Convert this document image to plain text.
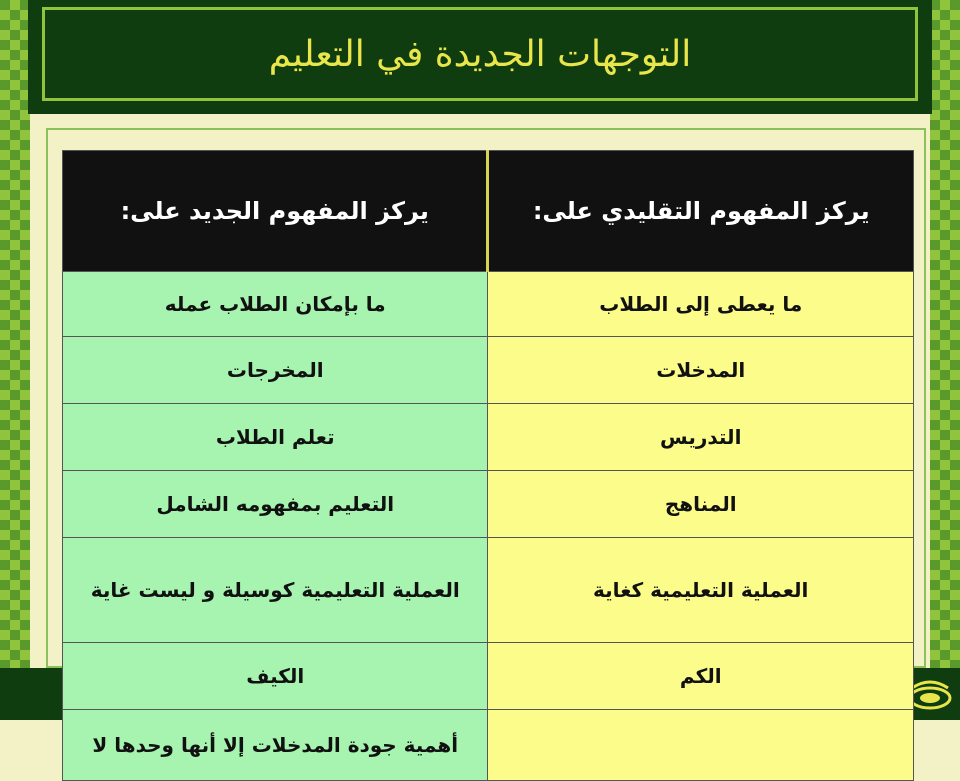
التوجهات الجديدة في التعليم
يركز المفهوم التقليدي على:	يركز المفهوم الجديد على:
ما يعطى إلى الطلاب	ما بإمكان الطلاب عمله
المدخلات	المخرجات
التدريس	تعلم الطلاب
المناهج	التعليم بمفهومه الشامل
العملية التعليمية كغاية	العملية التعليمية كوسيلة و ليست غاية
الكم	الكيف
	أهمية جودة المدخلات إلا أنها وحدها لا
